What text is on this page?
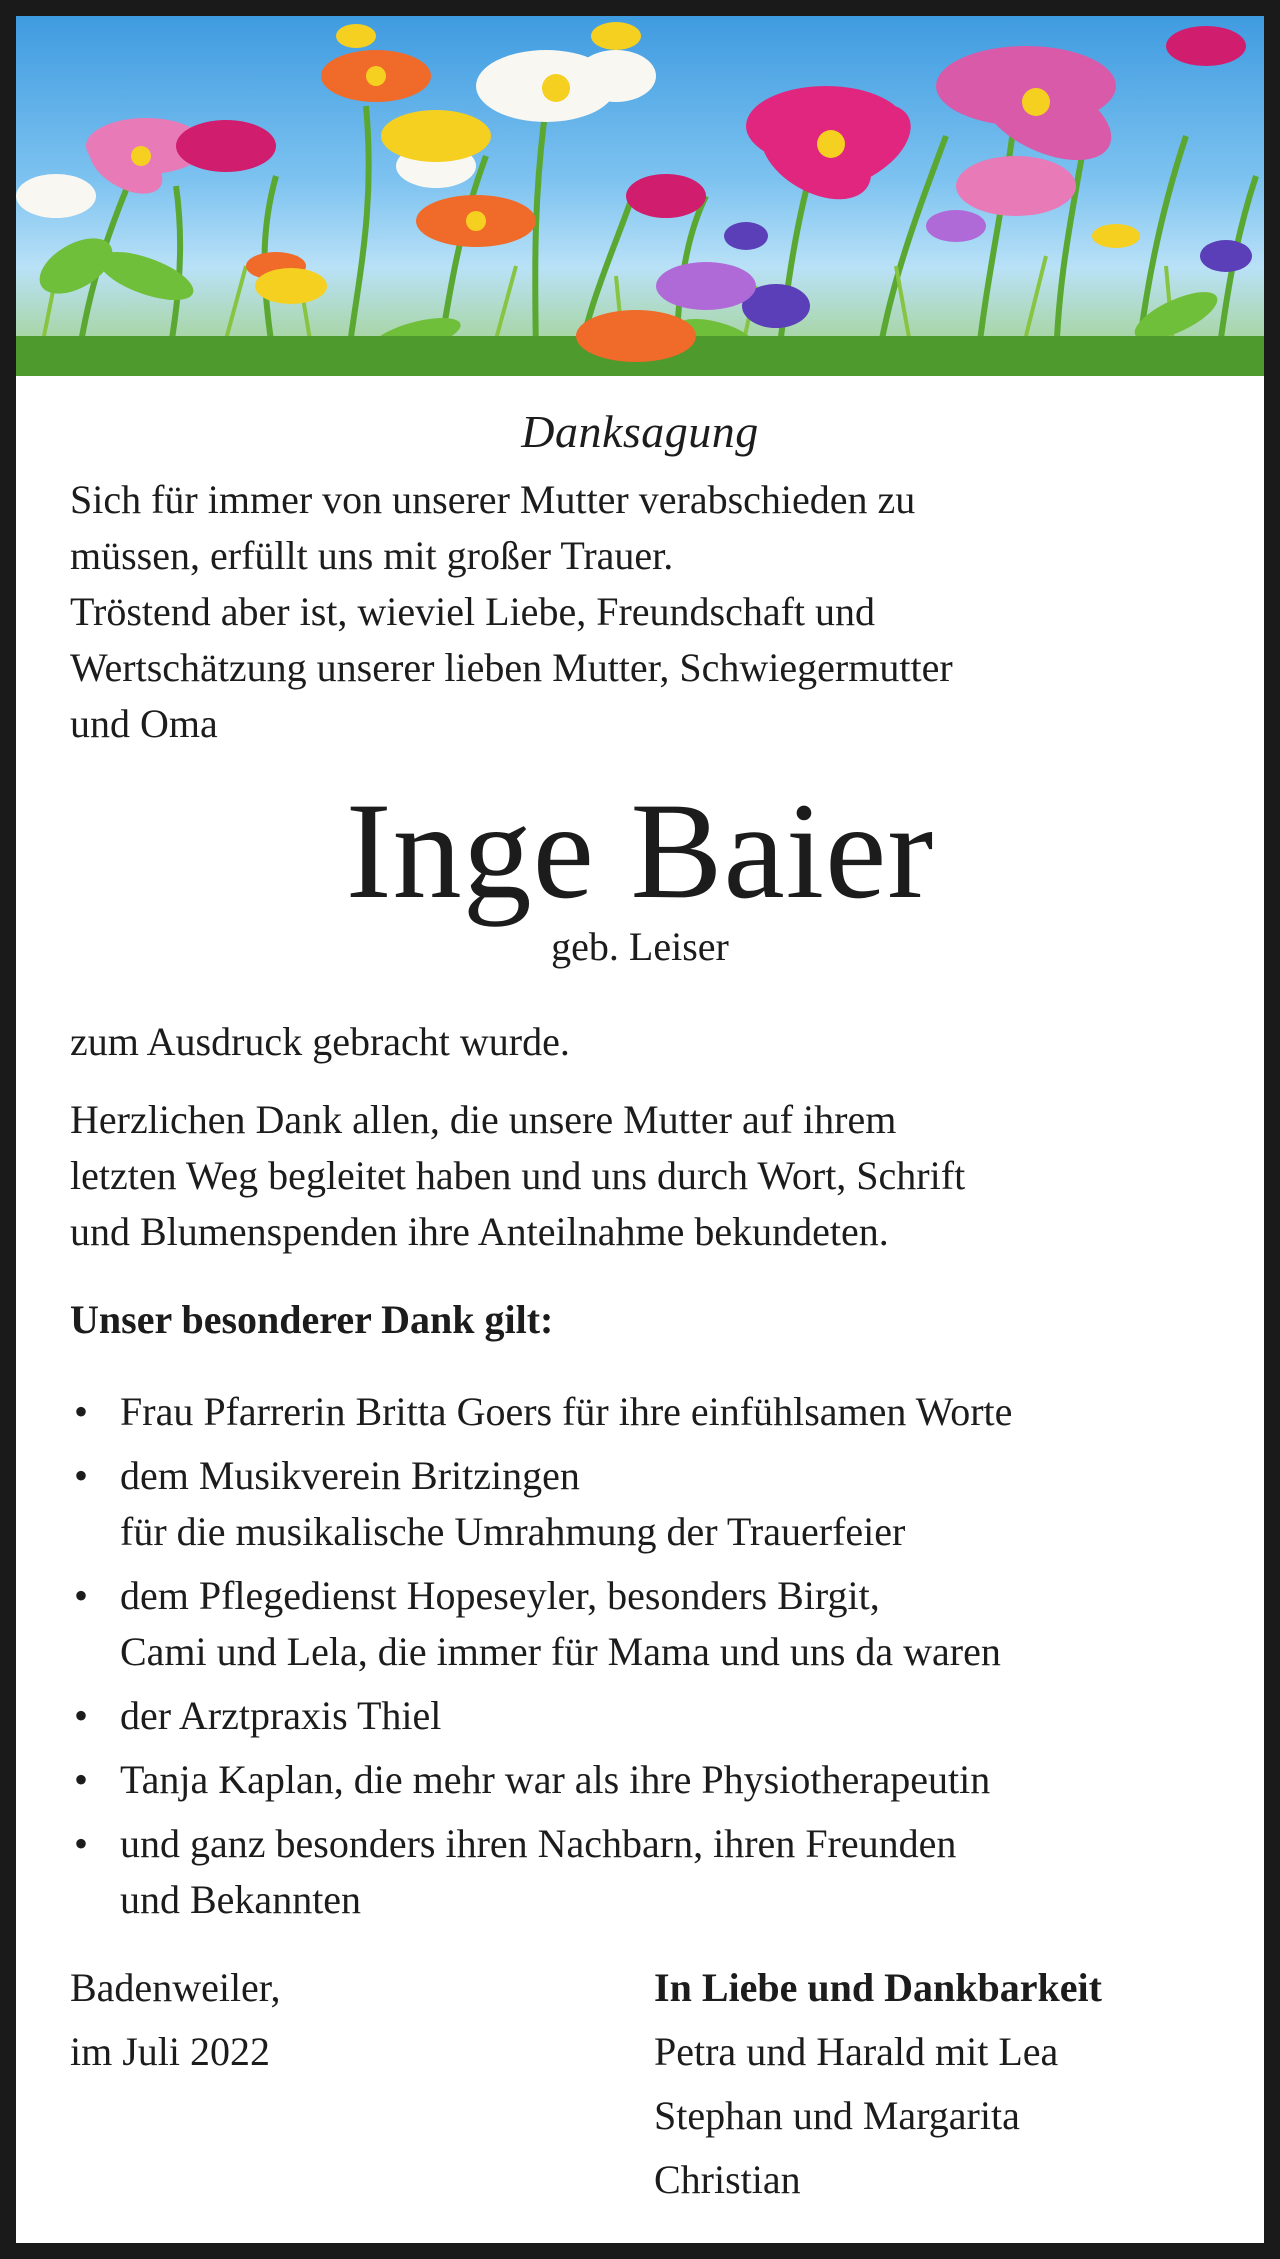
Danksagung
Sich für immer von unserer Mutter verabschieden zu
müssen, erfüllt uns mit großer Trauer.
Tröstend aber ist, wieviel Liebe, Freundschaft und
Wertschätzung unserer lieben Mutter, Schwiegermutter
und Oma
Inge Baier
geb. Leiser
zum Ausdruck gebracht wurde.
Herzlichen Dank allen, die unsere Mutter auf ihrem
letzten Weg begleitet haben und uns durch Wort, Schrift
und Blumenspenden ihre Anteilnahme bekundeten.
Unser besonderer Dank gilt:
• Frau Pfarrerin Britta Goers für ihre einfühlsamen Worte
• dem Musikverein Britzingen
für die musikalische Umrahmung der Trauerfeier
• dem Pflegedienst Hopeseyler, besonders Birgit,
Cami und Lela, die immer für Mama und uns da waren
• der Arztpraxis Thiel
• Tanja Kaplan, die mehr war als ihre Physiotherapeutin
• und ganz besonders ihren Nachbarn, ihren Freunden
und Bekannten
Badenweiler,
im Juli 2022
In Liebe und Dankbarkeit
Petra und Harald mit Lea
Stephan und Margarita
Christian
